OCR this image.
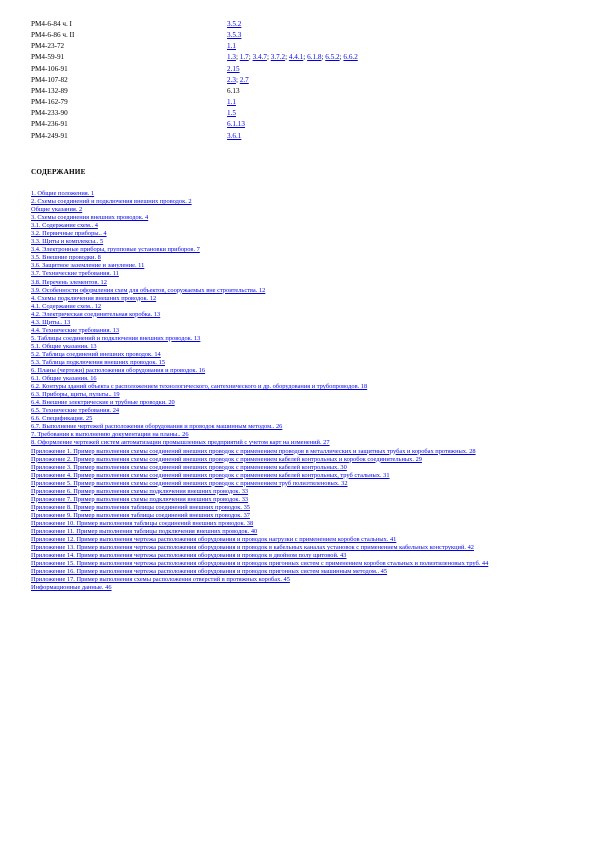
РМ4-6-84 ч. I	3.5.2
РМ4-6-86 ч. II	3.5.3
РМ4-23-72	1.1
РМ4-59-91	1.3; 1.7; 3.4.7; 3.7.2; 4.4.1; 6.1.8; 6.5.2; 6.6.2
РМ4-106-91	2.15
РМ4-107-82	2.3; 2.7
РМ4-132-89	6.13
РМ4-162-79	1.1
РМ4-233-90	1.5
РМ4-236-91	6.1.13
РМ4-249-91	3.6.1
СОДЕРЖАНИЕ
1. Общие положения. 1
2. Схемы соединений и подключения внешних проводок. 2
Общие указания. 2
3. Схемы соединения внешних проводок. 4
3.1. Содержание схем.. 4
3.2. Первичные приборы.. 4
3.3. Щиты и комплексы.. 5
3.4. Электронные приборы, групповые установки приборов. 7
3.5. Внешние проводки. 8
3.6. Защитное заземление и зануление. 11
3.7. Технические требования. 11
3.8. Перечень элементов. 12
3.9. Особенности оформления схем для объектов, сооружаемых вне строительства. 12
4. Схемы подключения внешних проводок. 12
4.1. Содержание схем.. 12
4.2. Электрическая соединительная коробка. 13
4.3. Щиты.. 13
4.4. Технические требования. 13
5. Таблицы соединений и подключения внешних проводок. 13
5.1. Общие указания. 13
5.2. Таблица соединений внешних проводок. 14
5.3. Таблица подключения внешних проводок. 15
6. Планы (чертежи) расположения оборудования и проводок. 16
6.1. Общие указания. 16
6.2. Контуры зданий объекта с расположением технологического, сантехнического и др. оборудования и трубопроводов. 18
6.3. Приборы, щиты, пульты.. 19
6.4. Внешние электрические и трубные проводки. 20
6.5. Технические требования. 24
6.6. Спецификация. 25
6.7. Выполнение чертежей расположения оборудования и проводок машинным методом.. 26
7. Требования к выполнению документации на планы.. 26
8. Оформление чертежей систем автоматизации промышленных предприятий с учетом карт на изменений. 27
Приложение 1. Пример выполнения схемы соединений внешних проводок с применением проводов в металлических и защитных трубах и коробах протяжных. 28
Приложение 2. Пример выполнения схемы соединений внешних проводок с применением кабелей контрольных и коробок соединительных. 29
Приложение 3. Пример выполнения схемы соединений внешних проводок с применением кабелей контрольных. 30
Приложение 4. Пример выполнения схемы соединений внешних проводок с применением кабелей контрольных, труб стальных. 31
Приложение 5. Пример выполнения схемы соединений внешних проводок с применением труб полиэтиленовых. 32
Приложение 6. Пример выполнения схемы подключения внешних проводок. 33
Приложение 7. Пример выполнения схемы подключения внешних проводок. 33
Приложение 8. Пример выполнения таблицы соединений внешних проводок. 35
Приложение 9. Пример выполнения таблицы соединений внешних проводок. 37
Приложение 10. Пример выполнения таблицы соединений внешних проводок. 38
Приложение 11. Пример выполнения таблицы подключения внешних проводок. 40
Приложение 12. Пример выполнения чертежа расположения оборудования и проводок нагрузки с применением коробов стальных. 41
Приложение 13. Пример выполнения чертежа расположения оборудования и проводок в кабельных каналах установок с применением кабельных конструкций. 42
Приложение 14. Пример выполнения чертежа расположения оборудования и проводок в двойном полу щитовой. 43
Приложение 15. Пример выполнения чертежа расположения оборудования и проводок пригонных систем с применением коробов стальных и полиэтиленовых труб. 44
Приложение 16. Пример выполнения чертежа расположения оборудования и проводок пригонных систем машинным методом.. 45
Приложение 17. Пример выполнения схемы расположения отверстий в протяжных коробах. 45
Информационные данные. 46
